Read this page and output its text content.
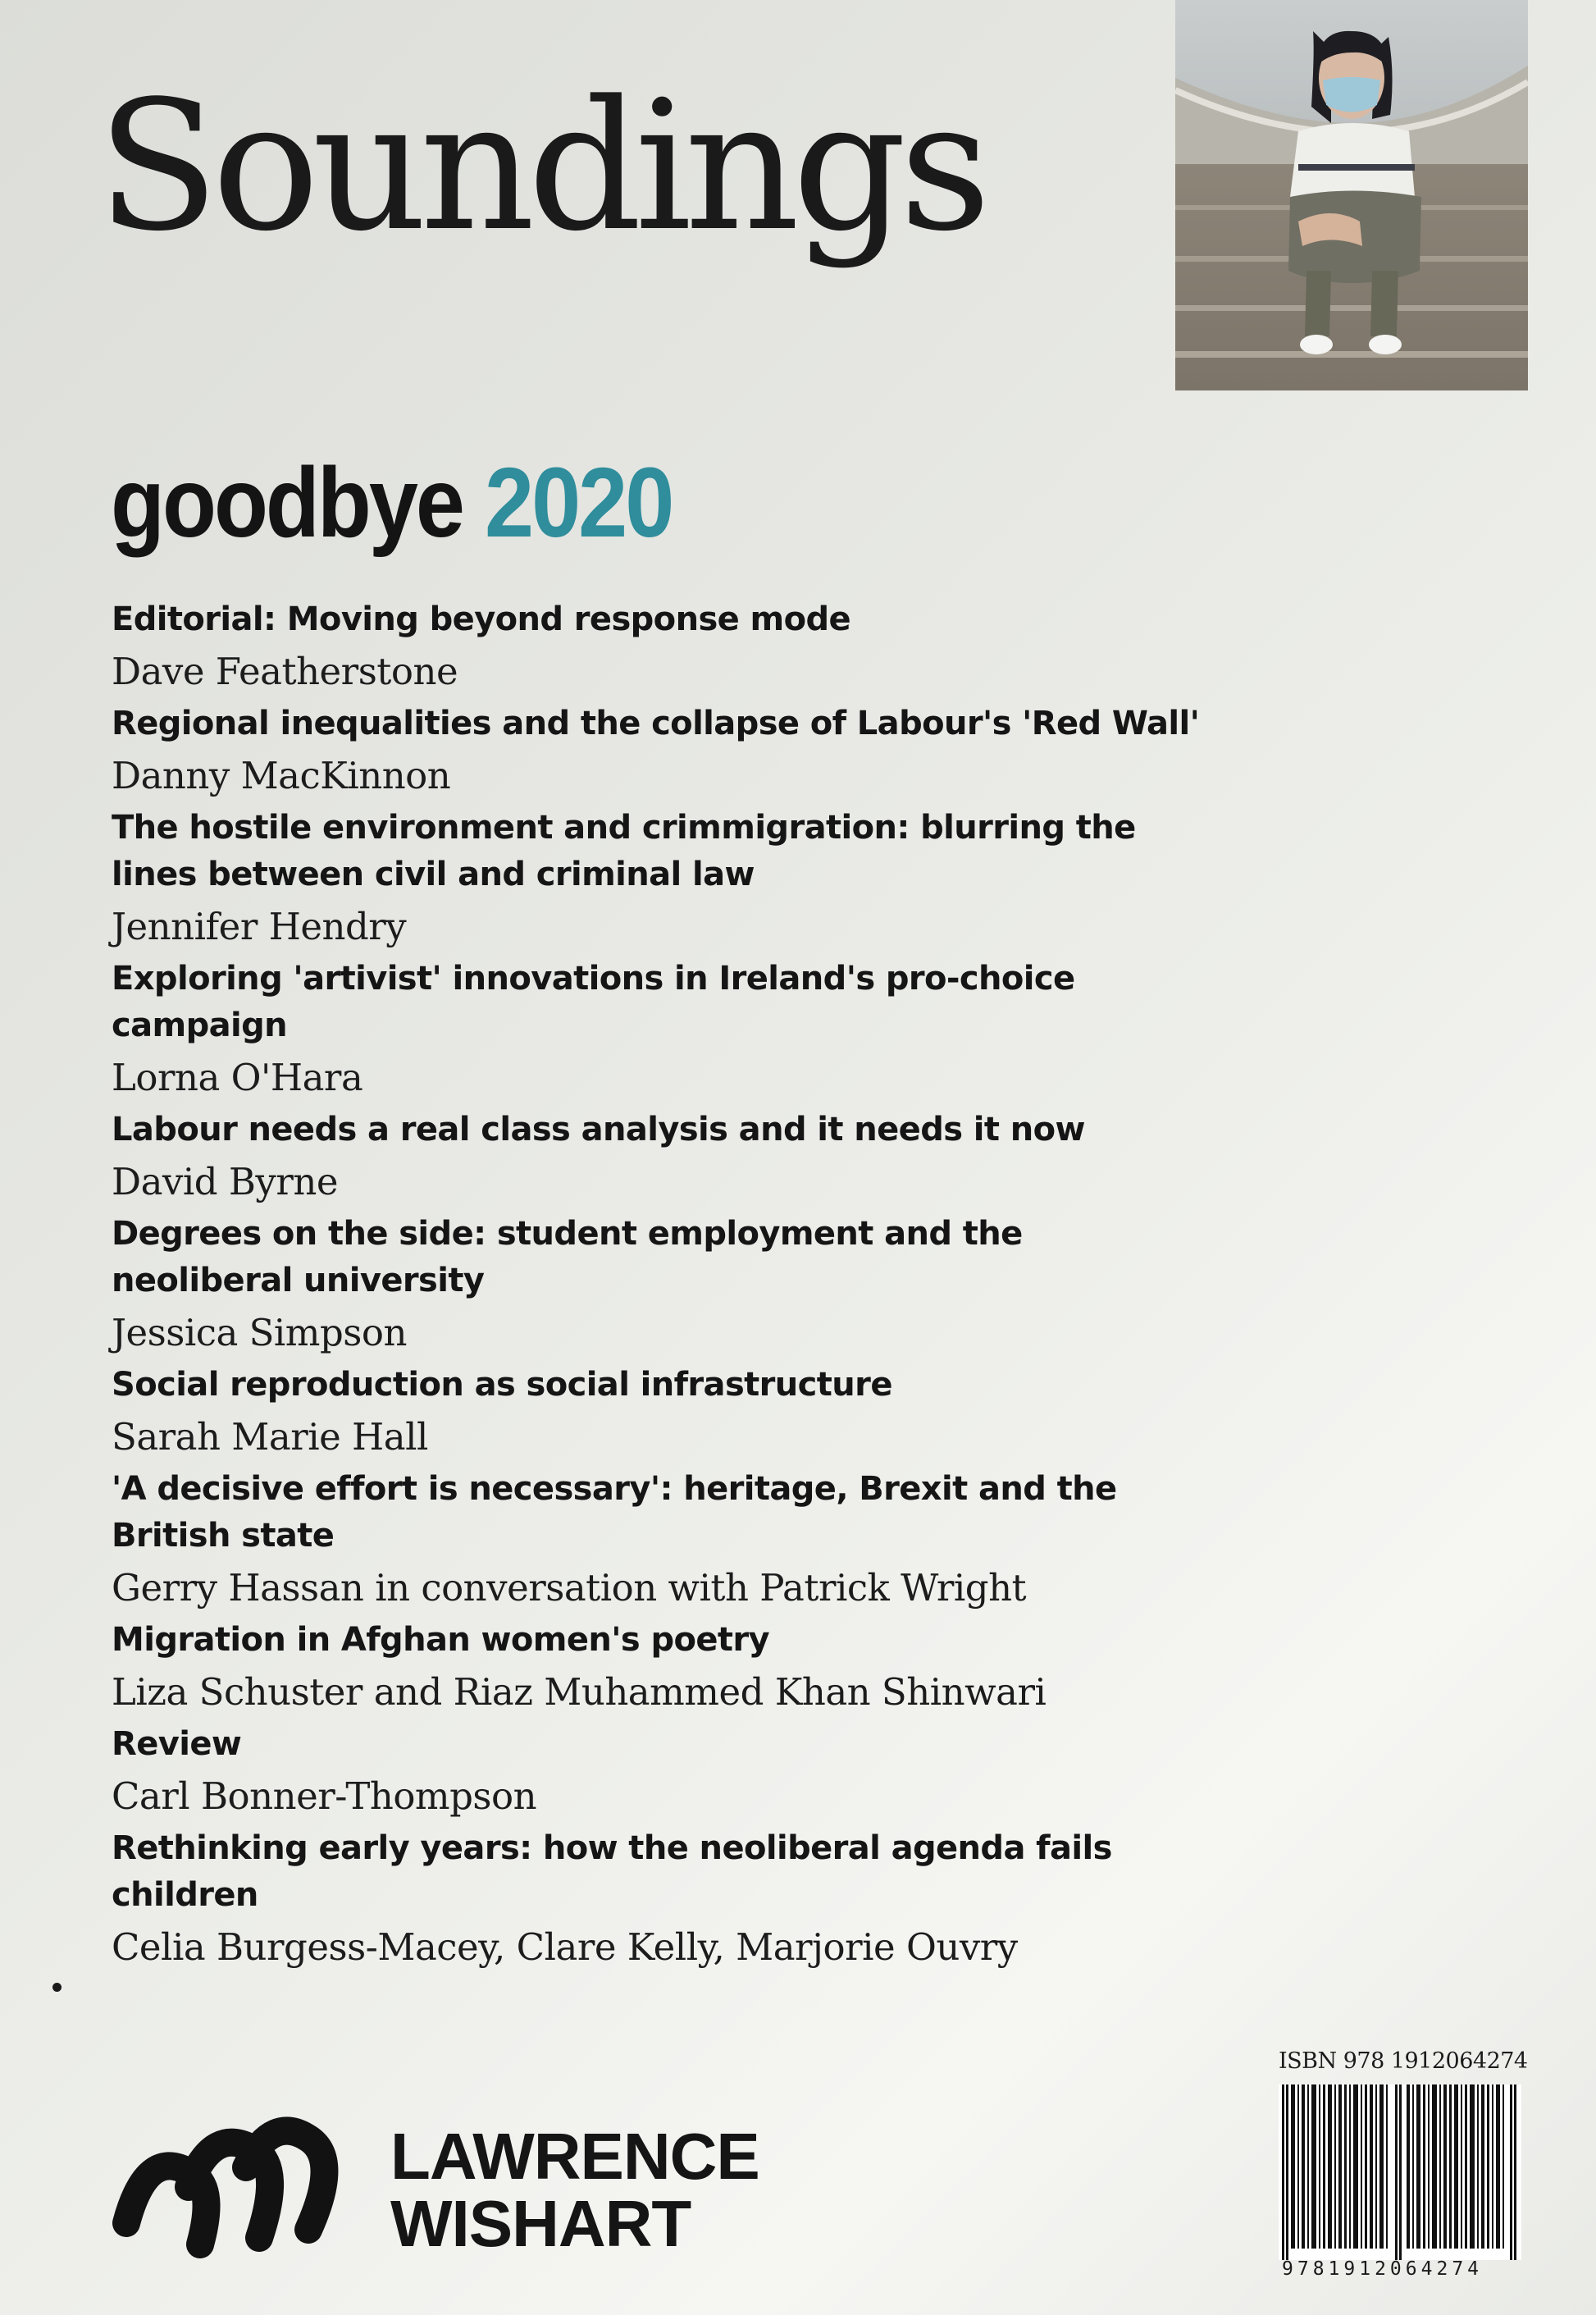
Soundings
goodbye 2020
Editorial: Moving beyond response mode
Dave Featherstone
Regional inequalities and the collapse of Labour's 'Red Wall'
Danny MacKinnon
The hostile environment and crimmigration: blurring the lines between civil and criminal law
Jennifer Hendry
Exploring 'artivist' innovations in Ireland's pro-choice campaign
Lorna O'Hara
Labour needs a real class analysis and it needs it now
David Byrne
Degrees on the side: student employment and the neoliberal university
Jessica Simpson
Social reproduction as social infrastructure
Sarah Marie Hall
'A decisive effort is necessary': heritage, Brexit and the British state
Gerry Hassan in conversation with Patrick Wright
Migration in Afghan women's poetry
Liza Schuster and Riaz Muhammed Khan Shinwari
Review
Carl Bonner-Thompson
Rethinking early years: how the neoliberal agenda fails children
Celia Burgess-Macey, Clare Kelly, Marjorie Ouvry
LAWRENCE
WISHART
ISBN 978 1912064274
9781912064274
